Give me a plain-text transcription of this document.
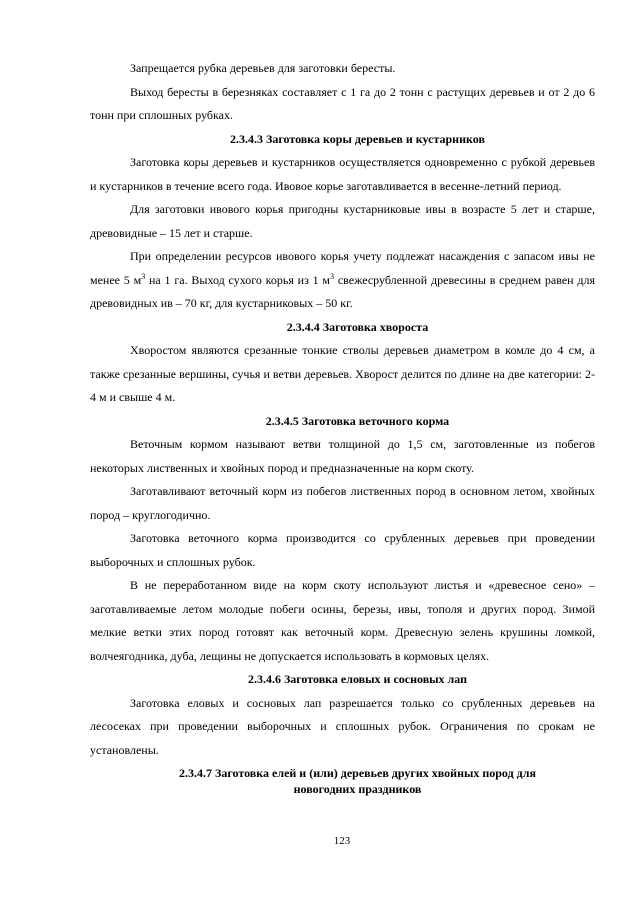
Запрещается рубка деревьев для заготовки бересты.

Выход бересты в березняках составляет с 1 га до 2 тонн с растущих деревьев и от 2 до 6 тонн при сплошных рубках.

2.3.4.3 Заготовка коры деревьев и кустарников

Заготовка коры деревьев и кустарников осуществляется одновременно с рубкой деревьев и кустарников в течение всего года. Ивовое корье заготавливается в весенне-летний период.

Для заготовки ивового корья пригодны кустарниковые ивы в возрасте 5 лет и старше, древовидные – 15 лет и старше.

При определении ресурсов ивового корья учету подлежат насаждения с запасом ивы не менее 5 $м^3$ на 1 га. Выход сухого корья из 1 $м^3$ свежесрубленной древесины в среднем равен для древовидных ив – 70 кг, для кустарниковых – 50 кг.

2.3.4.4 Заготовка хвороста

Хворостом являются срезанные тонкие стволы деревьев диаметром в комле до 4 см, а также срезанные вершины, сучья и ветви деревьев. Хворост делится по длине на две категории: 2-4 м и свыше 4 м.

2.3.4.5 Заготовка веточного корма

Веточным кормом называют ветви толщиной до 1,5 см, заготовленные из побегов некоторых лиственных и хвойных пород и предназначенные на корм скоту.

Заготавливают веточный корм из побегов лиственных пород в основном летом, хвойных пород – круглогодично.

Заготовка веточного корма производится со срубленных деревьев при проведении выборочных и сплошных рубок.

В не переработанном виде на корм скоту используют листья и «древесное сено» – заготавливаемые летом молодые побеги осины, березы, ивы, тополя и других пород. Зимой мелкие ветки этих пород готовят как веточный корм. Древесную зелень крушины ломкой, волчеягодника, дуба, лещины не допускается использовать в кормовых целях.

2.3.4.6 Заготовка еловых и сосновых лап

Заготовка еловых и сосновых лап разрешается только со срубленных деревьев на лесосеках при проведении выборочных и сплошных рубок. Ограничения по срокам не установлены.

2.3.4.7 Заготовка елей и (или) деревьев других хвойных пород для
новогодних праздников
123
